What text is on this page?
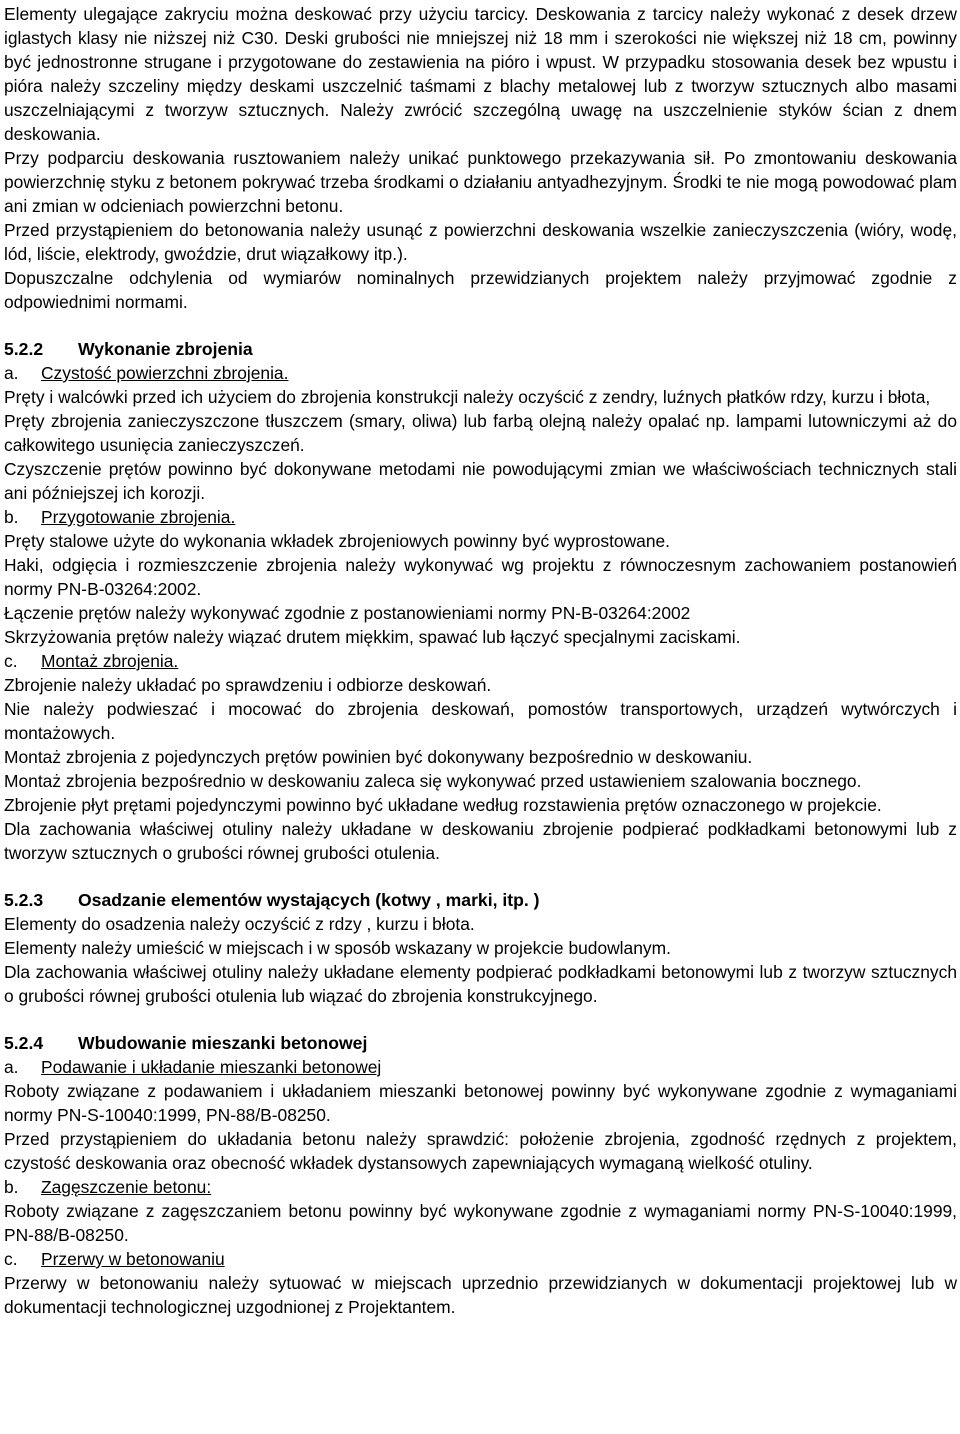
Elementy ulegające zakryciu można deskować przy użyciu tarcicy. Deskowania z tarcicy należy wykonać z desek drzew iglastych klasy nie niższej niż C30. Deski grubości nie mniejszej niż 18 mm i szerokości nie większej niż 18 cm, powinny być jednostronne strugane i przygotowane do zestawienia na pióro i wpust. W przypadku stosowania desek bez wpustu i pióra należy szczeliny między deskami uszczelnić taśmami z blachy metalowej lub z tworzyw sztucznych albo masami uszczelniającymi z tworzyw sztucznych. Należy zwrócić szczególną uwagę na uszczelnienie styków ścian z dnem deskowania.

Przy podparciu deskowania rusztowaniem należy unikać punktowego przekazywania sił. Po zmontowaniu deskowania powierzchnię styku z betonem pokrywać trzeba środkami o działaniu antyadhezyjnym. Środki te nie mogą powodować plam ani zmian w odcieniach powierzchni betonu.

Przed przystąpieniem do betonowania należy usunąć z powierzchni deskowania wszelkie zanieczyszczenia (wióry, wodę, lód, liście, elektrody, gwoździe, drut wiązałkowy itp.).

Dopuszczalne odchylenia od wymiarów nominalnych przewidzianych projektem należy przyjmować zgodnie z odpowiednimi normami.

5.2.2 Wykonanie zbrojenia

a. Czystość powierzchni zbrojenia.

Pręty i walcówki przed ich użyciem do zbrojenia konstrukcji należy oczyścić z zendry, luźnych płatków rdzy, kurzu i błota,

Pręty zbrojenia zanieczyszczone tłuszczem (smary, oliwa) lub farbą olejną należy opalać np. lampami lutowniczymi aż do całkowitego usunięcia zanieczyszczeń.

Czyszczenie prętów powinno być dokonywane metodami nie powodującymi zmian we właściwościach technicznych stali ani późniejszej ich korozji.

b. Przygotowanie zbrojenia.

Pręty stalowe użyte do wykonania wkładek zbrojeniowych powinny być wyprostowane.

Haki, odgięcia i rozmieszczenie zbrojenia należy wykonywać wg projektu z równoczesnym zachowaniem postanowień normy PN-B-03264:2002.

Łączenie prętów należy wykonywać zgodnie z postanowieniami normy PN-B-03264:2002

Skrzyżowania prętów należy wiązać drutem miękkim, spawać lub łączyć specjalnymi zaciskami.

c. Montaż zbrojenia.

Zbrojenie należy układać po sprawdzeniu i odbiorze deskowań.

Nie należy podwieszać i mocować do zbrojenia deskowań, pomostów transportowych, urządzeń wytwórczych i montażowych.

Montaż zbrojenia z pojedynczych prętów powinien być dokonywany bezpośrednio w deskowaniu.

Montaż zbrojenia bezpośrednio w deskowaniu zaleca się wykonywać przed ustawieniem szalowania bocznego.

Zbrojenie płyt prętami pojedynczymi powinno być układane według rozstawienia prętów oznaczonego w projekcie.

Dla zachowania właściwej otuliny należy układane w deskowaniu zbrojenie podpierać podkładkami betonowymi lub z tworzyw sztucznych o grubości równej grubości otulenia.

5.2.3 Osadzanie elementów wystających (kotwy , marki, itp. )

Elementy do osadzenia należy oczyścić z rdzy , kurzu i błota.

Elementy należy umieścić w miejscach i w sposób wskazany w projekcie budowlanym.

Dla zachowania właściwej otuliny należy układane elementy podpierać podkładkami betonowymi lub z tworzyw sztucznych o grubości równej grubości otulenia lub wiązać do zbrojenia konstrukcyjnego.

5.2.4 Wbudowanie mieszanki betonowej

a. Podawanie i układanie mieszanki betonowej

Roboty związane z podawaniem i układaniem mieszanki betonowej powinny być wykonywane zgodnie z wymaganiami normy PN-S-10040:1999, PN-88/B-08250.

Przed przystąpieniem do układania betonu należy sprawdzić: położenie zbrojenia, zgodność rzędnych z projektem, czystość deskowania oraz obecność wkładek dystansowych zapewniających wymaganą wielkość otuliny.

b. Zagęszczenie betonu:

Roboty związane z zagęszczaniem betonu powinny być wykonywane zgodnie z wymaganiami normy PN-S-10040:1999, PN-88/B-08250.

c. Przerwy w betonowaniu

Przerwy w betonowaniu należy sytuować w miejscach uprzednio przewidzianych w dokumentacji projektowej lub w dokumentacji technologicznej uzgodnionej z Projektantem.
